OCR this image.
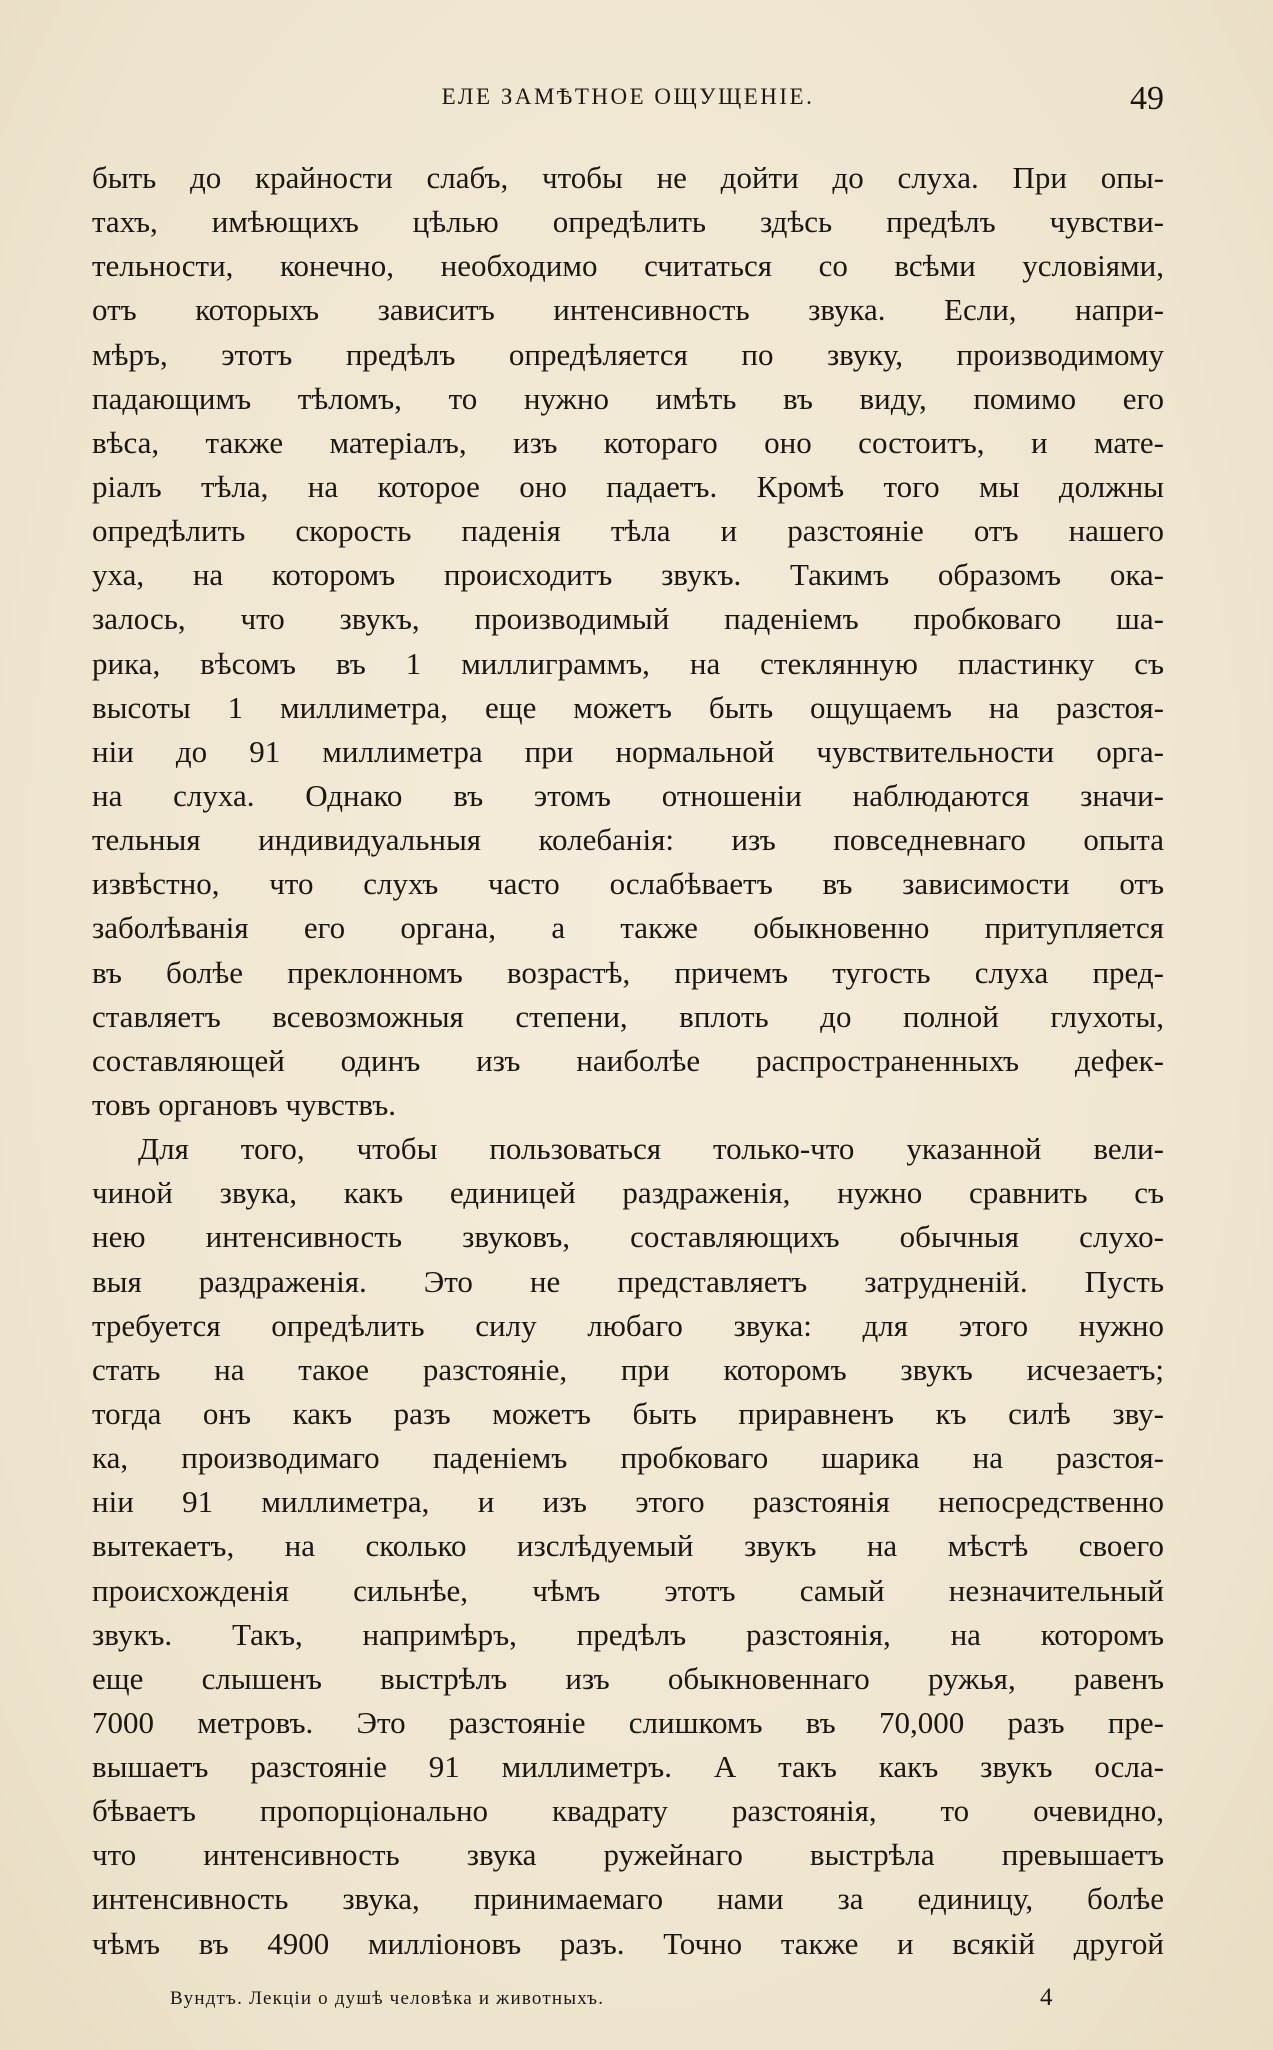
ЕЛЕ ЗАМѢТНОЕ ОЩУЩЕНІЕ.	49
быть до крайности слабъ, чтобы не дойти до слуха. При опы-
тахъ, имѣющихъ цѣлью опредѣлить здѣсь предѣлъ чувстви-
тельности, конечно, необходимо считаться со всѣми условіями,
отъ которыхъ зависитъ интенсивность звука. Если, напри-
мѣръ, этотъ предѣлъ опредѣляется по звуку, производимому
падающимъ тѣломъ, то нужно имѣть въ виду, помимо его
вѣса, также матеріалъ, изъ котораго оно состоитъ, и мате-
ріалъ тѣла, на которое оно падаетъ. Кромѣ того мы должны
опредѣлить скорость паденія тѣла и разстояніе отъ нашего
уха, на которомъ происходитъ звукъ. Такимъ образомъ ока-
залось, что звукъ, производимый паденіемъ пробковаго ша-
рика, вѣсомъ въ 1 миллиграммъ, на стеклянную пластинку съ
высоты 1 миллиметра, еще можетъ быть ощущаемъ на разстоя-
ніи до 91 миллиметра при нормальной чувствительности орга-
на слуха. Однако въ этомъ отношеніи наблюдаются значи-
тельныя индивидуальныя колебанія: изъ повседневнаго опыта
извѣстно, что слухъ часто ослабѣваетъ въ зависимости отъ
заболѣванія его органа, а также обыкновенно притупляется
въ болѣе преклонномъ возрастѣ, причемъ тугость слуха пред-
ставляетъ всевозможныя степени, вплоть до полной глухоты,
составляющей одинъ изъ наиболѣе распространенныхъ дефек-
товъ органовъ чувствъ.
Для того, чтобы пользоваться только-что указанной вели-
чиной звука, какъ единицей раздраженія, нужно сравнить съ
нею интенсивность звуковъ, составляющихъ обычныя слухо-
выя раздраженія. Это не представляетъ затрудненій. Пусть
требуется опредѣлить силу любаго звука: для этого нужно
стать на такое разстояніе, при которомъ звукъ исчезаетъ;
тогда онъ какъ разъ можетъ быть приравненъ къ силѣ зву-
ка, производимаго паденіемъ пробковаго шарика на разстоя-
ніи 91 миллиметра, и изъ этого разстоянія непосредственно
вытекаетъ, на сколько изслѣдуемый звукъ на мѣстѣ своего
происхожденія сильнѣе, чѣмъ этотъ самый незначительный
звукъ. Такъ, напримѣръ, предѣлъ разстоянія, на которомъ
еще слышенъ выстрѣлъ изъ обыкновеннаго ружья, равенъ
7000 метровъ. Это разстояніе слишкомъ въ 70,000 разъ пре-
вышаетъ разстояніе 91 миллиметръ. А такъ какъ звукъ осла-
бѣваетъ пропорціонально квадрату разстоянія, то очевидно,
что интенсивность звука ружейнаго выстрѣла превышаетъ
интенсивность звука, принимаемаго нами за единицу, болѣе
чѣмъ въ 4900 милліоновъ разъ. Точно также и всякій другой
Вундтъ. Лекціи о душѣ человѣка и животныхъ.	4
